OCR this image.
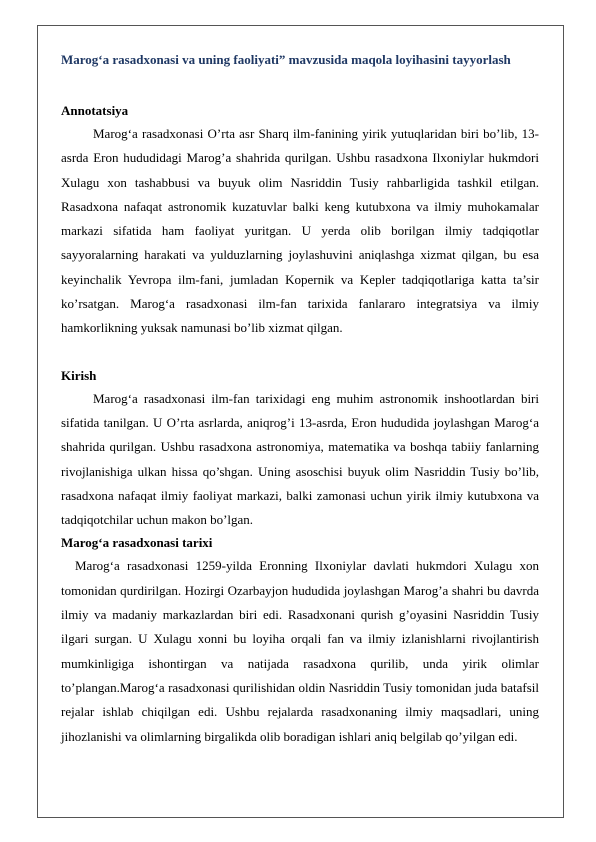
Marog‘a rasadxonasi va uning faoliyati” mavzusida maqola loyihasini tayyorlash

Annotatsiya

Marog‘a rasadxonasi O’rta asr Sharq ilm-fanining yirik yutuqlaridan biri bo’lib, 13-asrda Eron hududidagi Marog’a shahrida qurilgan. Ushbu rasadxona Ilxoniylar hukmdori Xulagu xon tashabbusi va buyuk olim Nasriddin Tusiy rahbarligida tashkil etilgan. Rasadxona nafaqat astronomik kuzatuvlar balki keng kutubxona va ilmiy muhokamalar markazi sifatida ham faoliyat yuritgan. U yerda olib borilgan ilmiy tadqiqotlar sayyoralarning harakati va yulduzlarning joylashuvini aniqlashga xizmat qilgan, bu esa keyinchalik Yevropa ilm-fani, jumladan Kopernik va Kepler tadqiqotlariga katta ta’sir ko’rsatgan. Marog‘a rasadxonasi ilm-fan tarixida fanlararo integratsiya va ilmiy hamkorlikning yuksak namunasi bo’lib xizmat qilgan.

Kirish

Marog‘a rasadxonasi ilm-fan tarixidagi eng muhim astronomik inshootlardan biri sifatida tanilgan. U O’rta asrlarda, aniqrog’i 13-asrda, Eron hududida joylashgan Marog‘a shahrida qurilgan. Ushbu rasadxona astronomiya, matematika va boshqa tabiiy fanlarning rivojlanishiga ulkan hissa qo’shgan. Uning asoschisi buyuk olim Nasriddin Tusiy bo’lib, rasadxona nafaqat ilmiy faoliyat markazi, balki zamonasi uchun yirik ilmiy kutubxona va tadqiqotchilar uchun makon bo’lgan.

Marog‘a rasadxonasi tarixi

Marog‘a rasadxonasi 1259-yilda Eronning Ilxoniylar davlati hukmdori Xulagu xon tomonidan qurdirilgan. Hozirgi Ozarbayjon hududida joylashgan Marog’a shahri bu davrda ilmiy va madaniy markazlardan biri edi. Rasadxonani qurish g’oyasini Nasriddin Tusiy ilgari surgan. U Xulagu xonni bu loyiha orqali fan va ilmiy izlanishlarni rivojlantirish mumkinligiga ishontirgan va natijada rasadxona qurilib, unda yirik olimlar to’plangan.Marog‘a rasadxonasi qurilishidan oldin Nasriddin Tusiy tomonidan juda batafsil rejalar ishlab chiqilgan edi. Ushbu rejalarda rasadxonaning ilmiy maqsadlari, uning jihozlanishi va olimlarning birgalikda olib boradigan ishlari aniq belgilab qo’yilgan edi.
